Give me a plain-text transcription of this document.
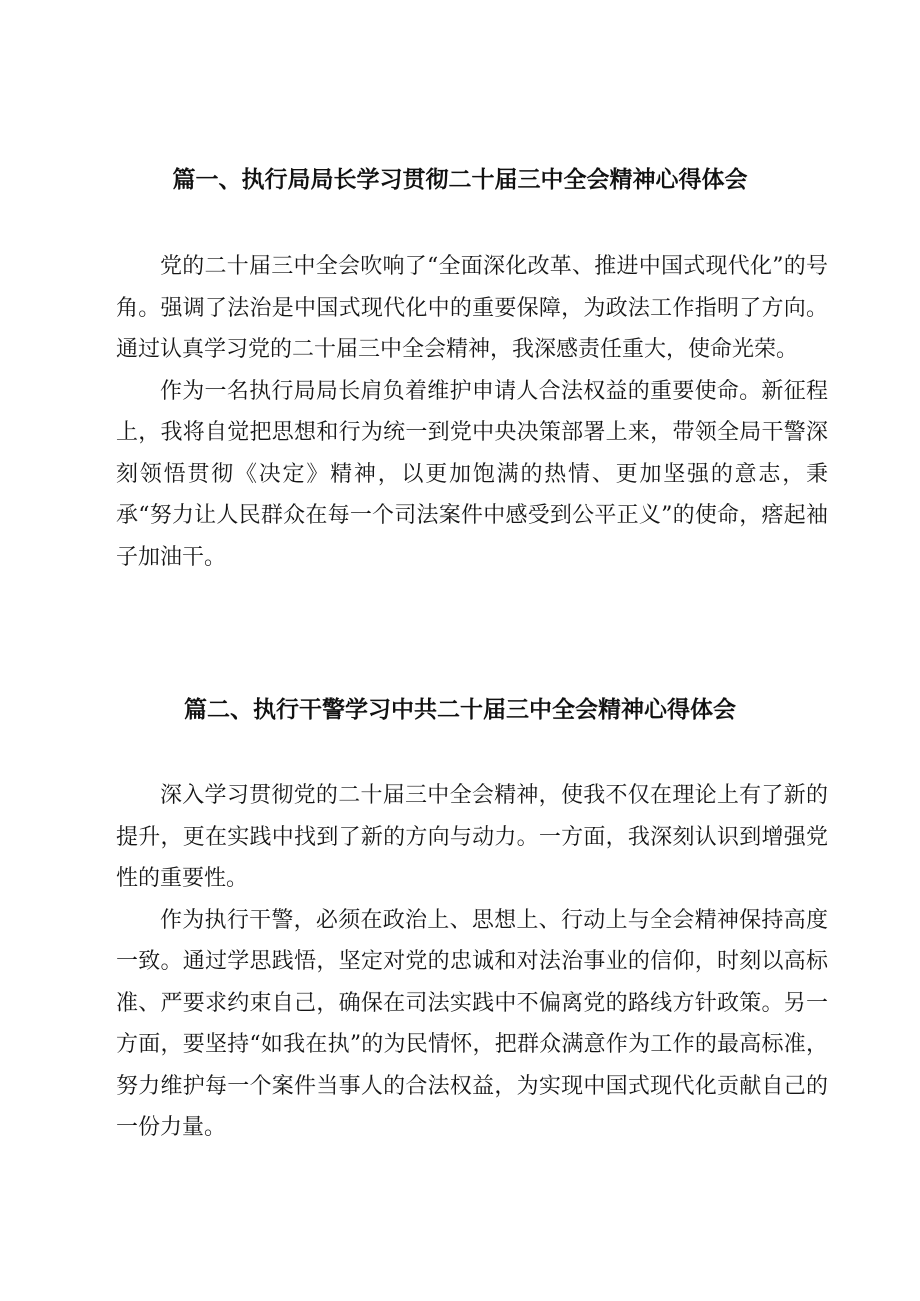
篇一、执行局局长学习贯彻二十届三中全会精神心得体会

党的二十届三中全会吹响了“全面深化改革、推进中国式现代化”的号角。强调了法治是中国式现代化中的重要保障，为政法工作指明了方向。通过认真学习党的二十届三中全会精神，我深感责任重大，使命光荣。

作为一名执行局局长肩负着维护申请人合法权益的重要使命。新征程上，我将自觉把思想和行为统一到党中央决策部署上来，带领全局干警深刻领悟贯彻《决定》精神，以更加饱满的热情、更加坚强的意志，秉承“努力让人民群众在每一个司法案件中感受到公平正义”的使命，瘩起袖子加油干。

篇二、执行干警学习中共二十届三中全会精神心得体会

深入学习贯彻党的二十届三中全会精神，使我不仅在理论上有了新的提升，更在实践中找到了新的方向与动力。一方面，我深刻认识到增强党性的重要性。

作为执行干警，必须在政治上、思想上、行动上与全会精神保持高度一致。通过学思践悟，坚定对党的忠诚和对法治事业的信仰，时刻以高标准、严要求约束自己，确保在司法实践中不偏离党的路线方针政策。另一方面，要坚持“如我在执”的为民情怀，把群众满意作为工作的最高标准，努力维护每一个案件当事人的合法权益，为实现中国式现代化贡献自己的一份力量。
